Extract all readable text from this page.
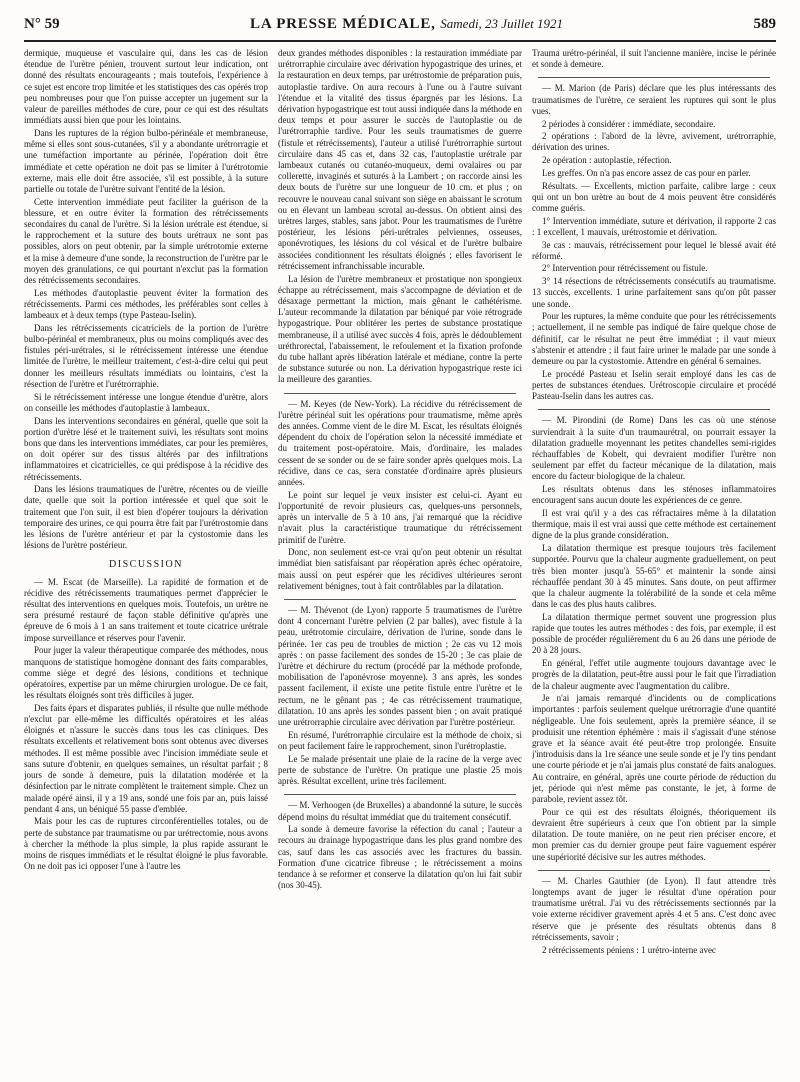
N° 59	LA PRESSE MÉDICALE, Samedi, 23 Juillet 1921	589

dermique, muqueuse et vasculaire qui, dans les cas de lésion étendue de l'urètre pénien, trouvent surtout leur indication, ont donné des résultats encourageants ; mais toutefois, l'expérience à ce sujet est encore trop limitée et les statistiques des cas opérés trop peu nombreuses pour que l'on puisse accepter un jugement sur la valeur de pareilles méthodes de cure, pour ce qui est des résultats immédiats aussi bien que pour les lointains.

Dans les ruptures de la région bulbo-périnéale et membraneuse, même si elles sont sous-cutanées, s'il y a abondante urétrorragie et une tuméfaction importante au périnée, l'opération doit être immédiate et cette opération ne doit pas se limiter à l'urétrotomie externe, mais elle doit être associée, s'il est possible, à la suture partielle ou totale de l'urètre suivant l'entité de la lésion.

Cette intervention immédiate peut faciliter la guérison de la blessure, et en outre éviter la formation des rétrécissements secondaires du canal de l'urètre. Si la lésion urétrale est étendue, si le rapprochement et la suture des bouts urétraux ne sont pas possibles, alors on peut obtenir, par la simple urétrotomie externe et la mise à demeure d'une sonde, la reconstruction de l'urètre par le moyen des granulations, ce qui pourtant n'exclut pas la formation des rétrécissements secondaires.

Les méthodes d'autoplastie peuvent éviter la formation des rétrécissements. Parmi ces méthodes, les préférables sont celles à lambeaux et à deux temps (type Pasteau-Iselin).

Dans les rétrécissements cicatriciels de la portion de l'urètre bulbo-périnéal et membraneux, plus ou moins compliqués avec des fistules péri-urétrales, si le rétrécissement intéresse une étendue limitée de l'urètre, le meilleur traitement, c'est-à-dire celui qui peut donner les meilleurs résultats immédiats ou lointains, c'est la résection de l'urètre et l'urétrorraphie.

Si le rétrécissement intéresse une longue étendue d'urètre, alors on conseille les méthodes d'autoplastie à lambeaux.

Dans les interventions secondaires en général, quelle que soit la portion d'urètre lésé et le traitement suivi, les résultats sont moins bons que dans les interventions immédiates, car pour les premières, on doit opérer sur des tissus altérés par des infiltrations inflammatoires et cicatricielles, ce qui prédispose à la récidive des rétrécissements.

Dans les lésions traumatiques de l'urètre, récentes ou de vieille date, quelle que soit la portion intéressée et quel que soit le traitement que l'on suit, il est bien d'opérer toujours la dérivation temporaire des urines, ce qui pourra être fait par l'urétrostomie dans les lésions de l'urètre antérieur et par la cystostomie dans les lésions de l'urètre postérieur.

DISCUSSION

— M. Escat (de Marseille). La rapidité de formation et de récidive des rétrécissements traumatiques permet d'apprécier le résultat des interventions en quelques mois. Toutefois, un urètre ne sera présumé restauré de façon stable définitive qu'après une épreuve de 6 mois à 1 an sans traitement et toute cicatrice urétrale impose surveillance et réserves pour l'avenir.

Pour juger la valeur thérapeutique comparée des méthodes, nous manquons de statistique homogène donnant des faits comparables, comme siège et degré des lésions, conditions et technique opératoires, expertise par un même chirurgien urologue. De ce fait, les résultats éloignés sont très difficiles à juger.

Des faits épars et disparates publiés, il résulte que nulle méthode n'exclut par elle-même les difficultés opératoires et les aléas éloignés et n'assure le succès dans tous les cas cliniques. Des résultats excellents et relativement bons sont obtenus avec diverses méthodes. Il est même possible avec l'incision immédiate seule et sans suture d'obtenir, en quelques semaines, un résultat parfait ; 8 jours de sonde à demeure, puis la dilatation modérée et la désinfection par le nitrate complètent le traitement simple. Chez un malade opéré ainsi, il y a 19 ans, sondé une fois par an, puis laissé pendant 4 ans, un béniqué 55 passe d'emblée.

Mais pour les cas de ruptures circonférentielles totales, ou de perte de substance par traumatisme ou par urétrectomie, nous avons à chercher la méthode la plus simple, la plus rapide assurant le moins de risques immédiats et le résultat éloigné le plus favorable. On ne doit pas ici opposer l'une à l'autre les

deux grandes méthodes disponibles : la restauration immédiate par urétrorraphie circulaire avec dérivation hypogastrique des urines, et la restauration en deux temps, par urétrostomie de préparation puis, autoplastie tardive. On aura recours à l'une ou à l'autre suivant l'étendue et la vitalité des tissus épargnés par les lésions. La dérivation hypogastrique est tout aussi indiquée dans la méthode en deux temps et pour assurer le succès de l'autoplastie ou de l'urétrorraphie tardive. Pour les seuls traumatismes de guerre (fistule et rétrécissements), l'auteur a utilisé l'urétrorraphie surtout circulaire dans 45 cas et, dans 32 cas, l'autoplastie urétrale par lambeaux cutanés ou cutanéo-muqueux, demi ovalaires ou par collerette, invaginés et suturés à la Lambert ; on raccorde ainsi les deux bouts de l'urètre sur une longueur de 10 cm. et plus ; on recouvre le nouveau canal suivant son siège en abaissant le scrotum ou en élevant un lambeau scrotal au-dessus. On obtient ainsi des urètres larges, stables, sans jabot. Pour les traumatismes de l'urètre postérieur, les lésions péri-urétrales pelviennes, osseuses, aponévrotiques, les lésions du col vésical et de l'urètre bulbaire associées conditionnent les résultats éloignés ; elles favorisent le rétrécissement infranchissable incurable.

La lésion de l'urètre membraneux et prostatique non spongieux échappe au rétrécissement, mais s'accompagne de déviation et de désaxage permettant la miction, mais gênant le cathétérisme. L'auteur recommande la dilatation par béniqué par voie rétrograde hypogastrique. Pour oblitérer les pertes de substance prostatique membraneuse, il a utilisé avec succès 4 fois, après le dédoublement uréthrorectal, l'abaissement, le refoulement et la fixation profonde du tube hallant après libération latérale et médiane, contre la perte de substance suturée ou non. La dérivation hypogastrique reste ici la meilleure des garanties.

— M. Keyes (de New-York). La récidive du rétrécissement de l'urètre périnéal suit les opérations pour traumatisme, même après des années. Comme vient de le dire M. Escat, les résultats éloignés dépendent du choix de l'opération selon la nécessité immédiate et du traitement post-opératoire. Mais, d'ordinaire, les malades cessent de se sonder ou de se faire sonder après quelques mois. La récidive, dans ce cas, sera constatée d'ordinaire après plusieurs années.

Le point sur lequel je veux insister est celui-ci. Ayant eu l'opportunité de revoir plusieurs cas, quelques-uns personnels, après un intervalle de 5 à 10 ans, j'ai remarqué que la récidive n'avait plus la caractéristique traumatique du rétrécissement primitif de l'urètre.

Donc, non seulement est-ce vrai qu'on peut obtenir un résultat immédiat bien satisfaisant par réopération après échec opératoire, mais aussi on peut espérer que les récidives ultérieures seront relativement bénignes, tout à fait contrôlables par la dilatation.

— M. Thévenot (de Lyon) rapporte 5 traumatismes de l'urètre dont 4 concernant l'urètre pelvien (2 par balles), avec fistule à la peau, urétrotomie circulaire, dérivation de l'urine, sonde dans le périnée. 1er cas peu de troubles de miction ; 2e cas vu 12 mois après : on passe facilement des sondes de 15-20 ; 3e cas plaie de l'urètre et déchirure du rectum (procédé par la méthode profonde, mobilisation de l'aponévrose moyenne). 3 ans après, les sondes passent facilement, il existe une petite fistule entre l'urètre et le rectum, ne le gênant pas ; 4e cas rétrécissement traumatique, dilatation. 10 ans après les sondes passent bien ; on avait pratiqué une urétrorraphie circulaire avec dérivation par l'urètre postérieur.

En résumé, l'urétrorraphie circulaire est la méthode de choix, si on peut facilement faire le rapprochement, sinon l'urétroplastie.

Le 5e malade présentait une plaie de la racine de la verge avec perte de substance de l'urètre. On pratique une plastie 25 mois après. Résultat excellent, urine très facilement.

— M. Verhoogen (de Bruxelles) a abandonné la suture, le succès dépend moins du résultat immédiat que du traitement consécutif.

La sonde à demeure favorise la réfection du canal ; l'auteur a recours au drainage hypogastrique dans les plus grand nombre des cas, sauf dans les cas associés avec les fractures du bassin. Formation d'une cicatrice fibreuse ; le rétrécissement a moins tendance à se reformer et conserve la dilatation qu'on lui fait subir (nos 30-45).

Trauma urétro-périnéal, il suit l'ancienne manière, incise le périnée et sonde à demeure.

— M. Marion (de Paris) déclare que les plus intéressants des traumatismes de l'urètre, ce seraient les ruptures qui sont le plus vues.

2 périodes à considérer : immédiate, secondaire.

2 opérations : l'abord de la lèvre, avivement, urétrorraphie, dérivation des urines.

2e opération : autoplastie, réfection.

Les greffes. On n'a pas encore assez de cas pour en parler.

Résultats. — Excellents, miction parfaite, calibre large : ceux qui ont un bon urètre au bout de 4 mois peuvent être considérés comme guéris.

1° Intervention immédiate, suture et dérivation, il rapporte 2 cas : 1 excellent, 1 mauvais, urétrostomie et dérivation.

3e cas : mauvais, rétrécissement pour lequel le blessé avait été réformé.

2° Intervention pour rétrécissement ou fistule.

3° 14 résections de rétrécissements consécutifs au traumatisme. 13 succès, excellents. 1 urine parfaitement sans qu'on pût passer une sonde.

Pour les ruptures, la même conduite que pour les rétrécissements ; actuellement, il ne semble pas indiqué de faire quelque chose de définitif, car le résultat ne peut être immédiat ; il vaut mieux s'abstenir et attendre ; il faut faire uriner le malade par une sonde à demeure ou par la cystostomie. Attendre en général 6 semaines.

Le procédé Pasteau et Iselin serait employé dans les cas de pertes de substances étendues. Urétroscopie circulaire et procédé Pasteau-Iselin dans les autres cas.

— M. Pirondini (de Rome) Dans les cas où une sténose surviendrait à la suite d'un traumaurétral, on pourrait essayer la dilatation graduelle moyennant les petites chandelles semi-rigides réchauffables de Kobelt, qui devraient modifier l'urètre non seulement par effet du facteur mécanique de la dilatation, mais encore du facteur biologique de la chaleur.

Les résultats obtenus dans les sténoses inflammatoires encouragent sans aucun doute les expériences de ce genre.

Il est vrai qu'il y a des cas réfractaires même à la dilatation thermique, mais il est vrai aussi que cette méthode est certainement digne de la plus grande considération.

La dilatation thermique est presque toujours très facilement supportée. Pourvu que la chaleur augmente graduellement, on peut très bien monter jusqu'à 55-65° et maintenir la sonde ainsi réchauffée pendant 30 à 45 minutes. Sans doute, on peut affirmer que la chaleur augmente la tolérabilité de la sonde et cela même dans le cas des plus hauts calibres.

La dilatation thermique permet souvent une progression plus rapide que toutes les autres méthodes : des fois, par exemple, il est possible de procéder régulièrement du 6 au 26 dans une période de 20 à 28 jours.

En général, l'effet utile augmente toujours davantage avec le progrès de la dilatation, peut-être aussi pour le fait que l'irradiation de la chaleur augmente avec l'augmentation du calibre.

Je n'ai jamais remarqué d'incidents ou de complications importantes : parfois seulement quelque urétrorragie d'une quantité négligeable. Une fois seulement, après la première séance, il se produisit une rétention éphémère : mais il s'agissait d'une sténose grave et la séance avait été peut-être trop prolongée. Ensuite j'introduisis dans la 1re séance une seule sonde et je l'y tins pendant une courte période et je n'ai jamais plus constaté de faits analogues. Au contraire, en général, après une courte période de réduction du jet, période qui n'est même pas constante, le jet, à forme de parabole, revient assez tôt.

Pour ce qui est des résultats éloignés, théoriquement ils devraient être supérieurs à ceux que l'on obtient par la simple dilatation. De toute manière, on ne peut rien préciser encore, et mon premier cas du dernier groupe peut faire vaguement espérer une supériorité décisive sur les autres méthodes.

— M. Charles Gauthier (de Lyon). Il faut attendre très longtemps avant de juger le résultat d'une opération pour traumatisme urétral. J'ai vu des rétrécissements sectionnés par la voie externe récidiver gravement après 4 et 5 ans. C'est donc avec réserve que je présente des résultats obtenus dans 8 rétrécissements, savoir ;

2 rétrécissements péniens : 1 urétro-interne avec
